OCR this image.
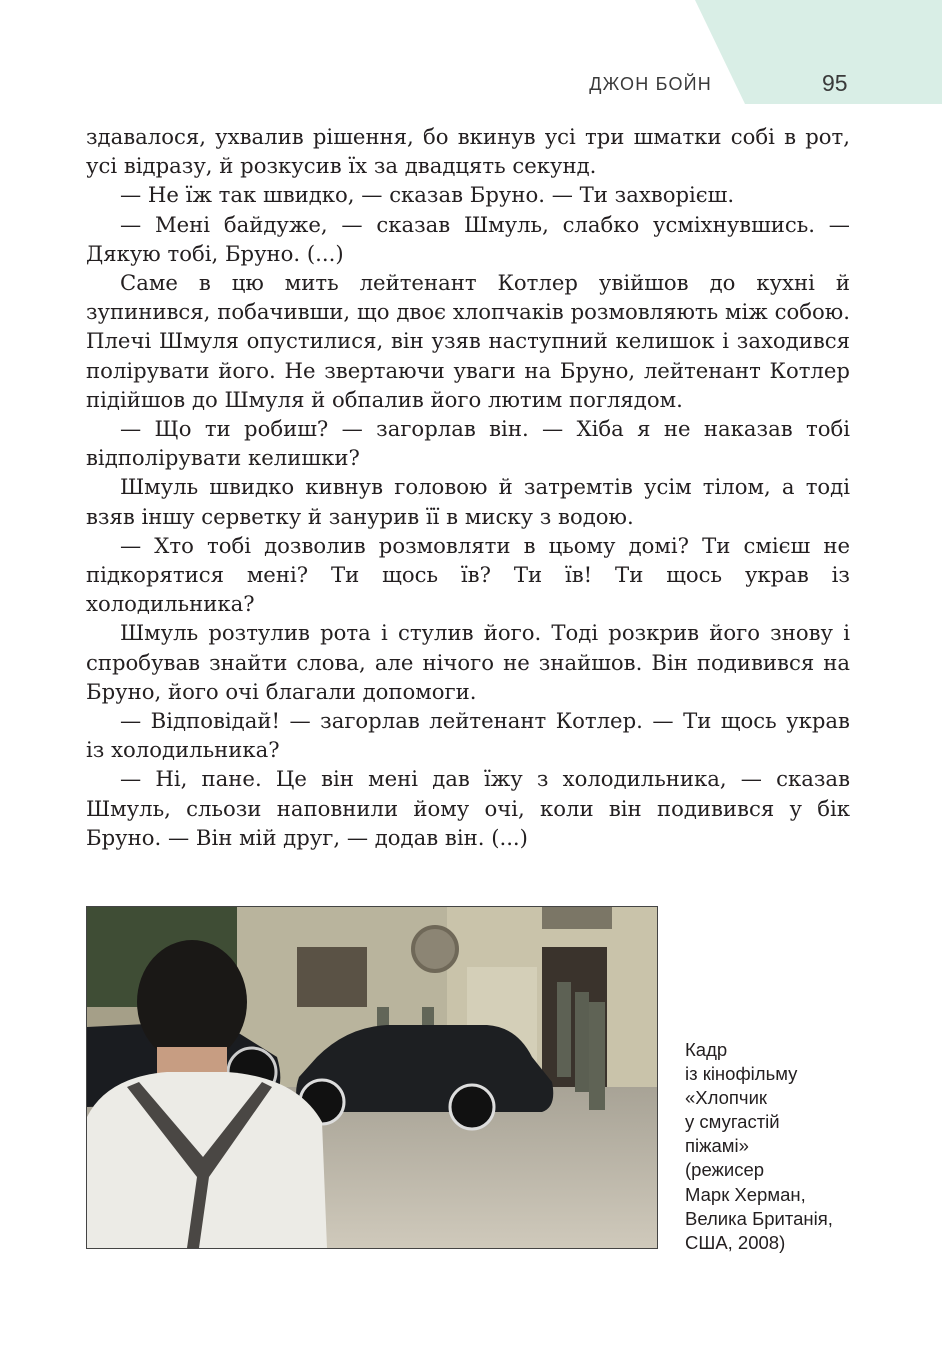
ДЖОН БОЙН	95

здавалося, ухвалив рішення, бо вкинув усі три шматки собі в рот, усі відразу, й розкусив їх за двадцять секунд.

— Не їж так швидко, — сказав Бруно. — Ти захворієш.

— Мені байдуже, — сказав Шмуль, слабко усміхнувшись. — Дякую тобі, Бруно. (...)

Саме в цю мить лейтенант Котлер увійшов до кухні й зупинився, побачивши, що двоє хлопчаків розмовляють між собою. Плечі Шмуля опустилися, він узяв наступний келишок і заходився полірувати його. Не звертаючи уваги на Бруно, лейтенант Котлер підійшов до Шмуля й обпалив його лютим поглядом.

— Що ти робиш? — загорлав він. — Хіба я не наказав тобі відполірувати келишки?

Шмуль швидко кивнув головою й затремтів усім тілом, а тоді взяв іншу серветку й занурив її в миску з водою.

— Хто тобі дозволив розмовляти в цьому домі? Ти смієш не підкорятися мені? Ти щось їв? Ти їв! Ти щось украв із холодильника?

Шмуль розтулив рота і стулив його. Тоді розкрив його знову і спробував знайти слова, але нічого не знайшов. Він подивився на Бруно, його очі благали допомоги.

— Відповідай! — загорлав лейтенант Котлер. — Ти щось украв із холодильника?

— Ні, пане. Це він мені дав їжу з холодильника, — сказав Шмуль, сльози наповнили йому очі, коли він подивився у бік Бруно. — Він мій друг, — додав він. (...)

Кадр
із кінофільму
«Хлопчик
у смугастій
піжамі»
(режисер
Марк Херман,
Велика Британія,
США, 2008)
